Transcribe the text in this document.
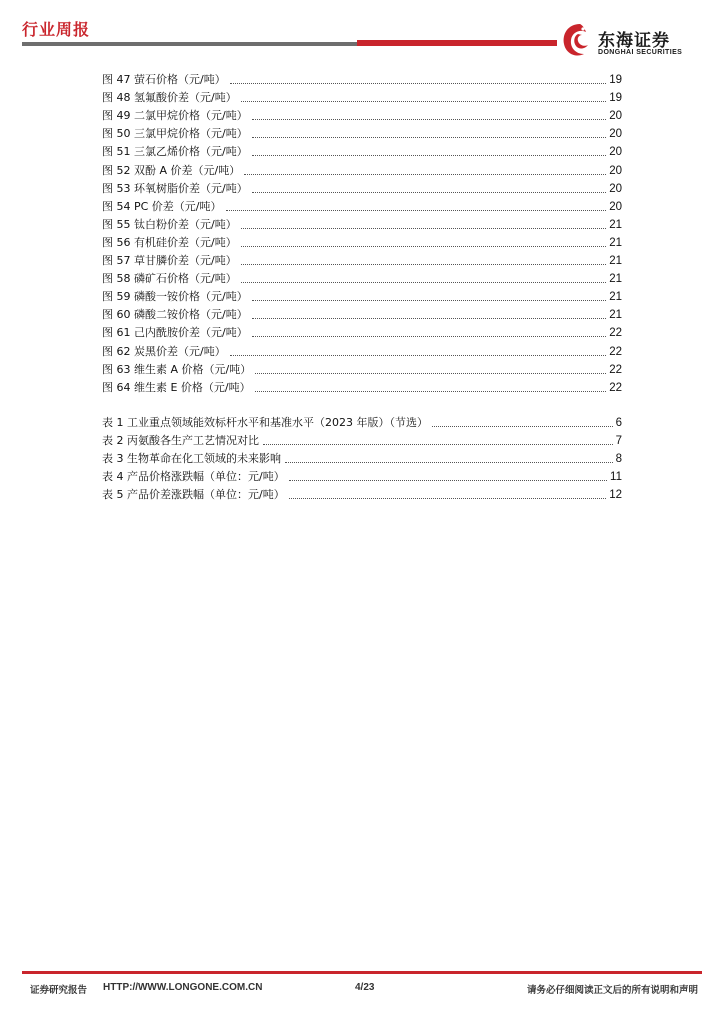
行业周报
东海证券
DONGHAI SECURITIES
图 47 萤石价格（元/吨）	19
图 48 氢氟酸价差（元/吨）	19
图 49 二氯甲烷价格（元/吨）	20
图 50 三氯甲烷价格（元/吨）	20
图 51 三氯乙烯价格（元/吨）	20
图 52 双酚 A 价差（元/吨）	20
图 53 环氧树脂价差（元/吨）	20
图 54 PC 价差（元/吨）	20
图 55 钛白粉价差（元/吨）	21
图 56 有机硅价差（元/吨）	21
图 57 草甘膦价差（元/吨）	21
图 58 磷矿石价格（元/吨）	21
图 59 磷酸一铵价格（元/吨）	21
图 60 磷酸二铵价格（元/吨）	21
图 61 己内酰胺价差（元/吨）	22
图 62 炭黑价差（元/吨）	22
图 63 维生素 A 价格（元/吨）	22
图 64 维生素 E 价格（元/吨）	22
表 1 工业重点领域能效标杆水平和基准水平（2023 年版）（节选）	6
表 2 丙氨酸各生产工艺情况对比	7
表 3 生物革命在化工领域的未来影响	8
表 4 产品价格涨跌幅（单位：元/吨）	11
表 5 产品价差涨跌幅（单位：元/吨）	12
证券研究报告 HTTP://WWW.LONGONE.COM.CN	4/23	请务必仔细阅读正文后的所有说明和声明
